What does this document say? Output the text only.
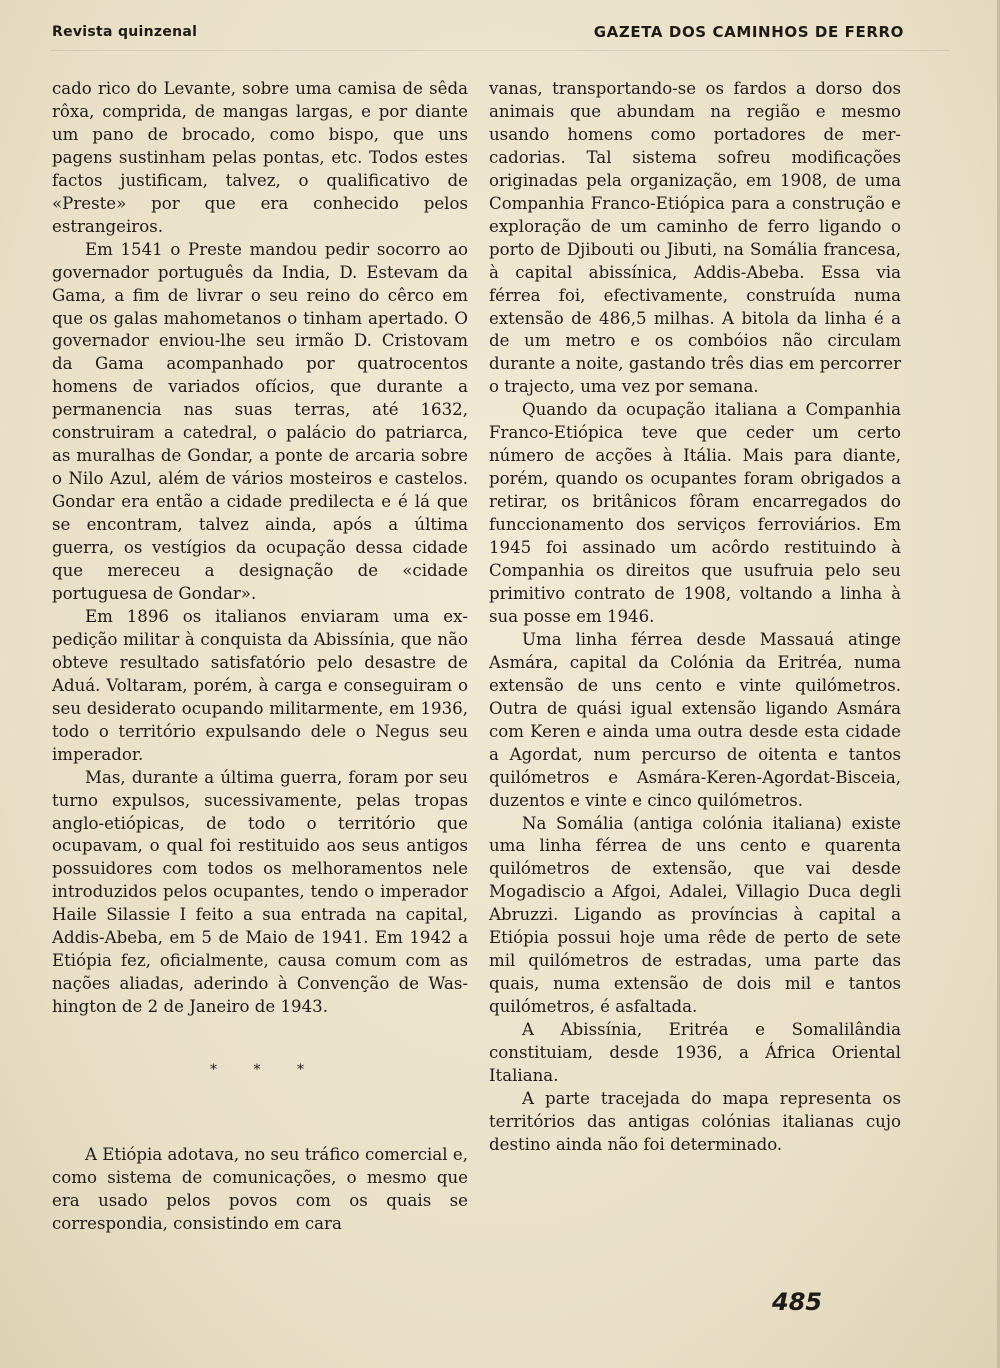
Revista quinzenal	GAZETA DOS CAMINHOS DE FERRO

cado rico do Levante, sobre uma camisa de sêda rôxa, comprida, de mangas largas, e por diante um pano de brocado, como bispo, que uns pagens sustinham pelas pontas, etc. Todos estes factos justificam, talvez, o qualificativo de «Preste» por que era conhecido pelos estrangeiros.

Em 1541 o Preste mandou pedir socorro ao governador português da India, D. Estevam da Gama, a fim de livrar o seu reino do cêrco em que os galas mahometanos o tinham apertado. O governador enviou-lhe seu irmão D. Cristovam da Gama acompanhado por quatrocentos homens de variados ofícios, que durante a permanencia nas suas terras, até 1632, construiram a catedral, o palácio do patriarca, as muralhas de Gondar, a ponte de arcaria sobre o Nilo Azul, além de vários mosteiros e castelos. Gondar era então a cidade predilecta e é lá que se encontram, talvez ainda, após a última guerra, os vestígios da ocupação dessa cidade que mereceu a designação de «cidade portuguesa de Gondar».

Em 1896 os italianos enviaram uma expedição militar à conquista da Abissínia, que não obteve resultado satisfatório pelo desastre de Aduá. Voltaram, porém, à carga e conseguiram o seu desiderato ocupando militarmente, em 1936, todo o território expulsando dele o Negus seu imperador.

Mas, durante a última guerra, foram por seu turno expulsos, sucessivamente, pelas tropas anglo-etiópicas, de todo o território que ocupavam, o qual foi restituido aos seus antigos possuidores com todos os melhoramentos nele introduzidos pelos ocupantes, tendo o imperador Haile Silassie I feito a sua entrada na capital, Addis-Abeba, em 5 de Maio de 1941. Em 1942 a Etiópia fez, oficialmente, causa comum com as nações aliadas, aderindo à Convenção de Washington de 2 de Janeiro de 1943.

* * *

A Etiópia adotava, no seu tráfico comercial e, como sistema de comunicações, o mesmo que era usado pelos povos com os quais se correspondia, consistindo em cara

vanas, transportando-se os fardos a dorso dos animais que abundam na região e mesmo usando homens como portadores de mercadorias. Tal sistema sofreu modificações originadas pela organização, em 1908, de uma Companhia Franco-Etiópica para a construção e exploração de um caminho de ferro ligando o porto de Djibouti ou Jibuti, na Somália francesa, à capital abissínica, Addis-Abeba. Essa via férrea foi, efectivamente, construída numa extensão de 486,5 milhas. A bitola da linha é a de um metro e os combóios não circulam durante a noite, gastando três dias em percorrer o trajecto, uma vez por semana.

Quando da ocupação italiana a Companhia Franco-Etiópica teve que ceder um certo número de acções à Itália. Mais para diante, porém, quando os ocupantes foram obrigados a retirar, os britânicos fôram encarregados do funccionamento dos serviços ferroviários. Em 1945 foi assinado um acôrdo restituindo à Companhia os direitos que usufruia pelo seu primitivo contrato de 1908, voltando a linha à sua posse em 1946.

Uma linha férrea desde Massauá atinge Asmára, capital da Colónia da Eritréa, numa extensão de uns cento e vinte quilómetros. Outra de quási igual extensão ligando Asmára com Keren e ainda uma outra desde esta cidade a Agordat, num percurso de oitenta e tantos quilómetros e Asmára-Keren-Agordat-Bisceia, duzentos e vinte e cinco quilómetros.

Na Somália (antiga colónia italiana) existe uma linha férrea de uns cento e quarenta quilómetros de extensão, que vai desde Mogadiscio a Afgoi, Adalei, Villagio Duca degli Abruzzi. Ligando as províncias à capital a Etiópia possui hoje uma rêde de perto de sete mil quilómetros de estradas, uma parte das quais, numa extensão de dois mil e tantos quilómetros, é asfaltada.

A Abissínia, Eritréa e Somalilândia constituiam, desde 1936, a África Oriental Italiana.

A parte tracejada do mapa representa os territórios das antigas colónias italianas cujo destino ainda não foi determinado.

485
